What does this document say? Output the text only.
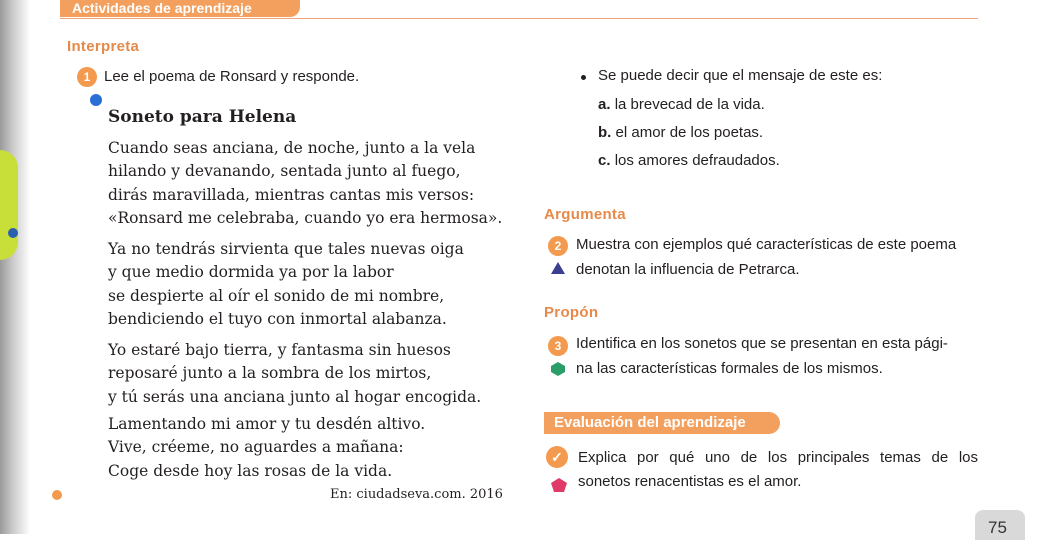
Actividades de aprendizaje
Interpreta
1 Lee el poema de Ronsard y responde.
Soneto para Helena
Cuando seas anciana, de noche, junto a la vela
hilando y devanando, sentada junto al fuego,
dirás maravillada, mientras cantas mis versos:
«Ronsard me celebraba, cuando yo era hermosa».
Ya no tendrás sirvienta que tales nuevas oiga
y que medio dormida ya por la labor
se despierte al oír el sonido de mi nombre,
bendiciendo el tuyo con inmortal alabanza.
Yo estaré bajo tierra, y fantasma sin huesos
reposaré junto a la sombra de los mirtos,
y tú serás una anciana junto al hogar encogida.
Lamentando mi amor y tu desdén altivo.
Vive, créeme, no aguardes a mañana:
Coge desde hoy las rosas de la vida.
En: ciudadseva.com. 2016
Se puede decir que el mensaje de este es:
a. la brevecad de la vida.
b. el amor de los poetas.
c. los amores defraudados.
Argumenta
2 Muestra con ejemplos qué características de este poema
denotan la influencia de Petrarca.
Propón
3 Identifica en los sonetos que se presentan en esta pági-
na las características formales de los mismos.
Evaluación del aprendizaje
✓	Explica por qué uno de los principales temas de los
sonetos renacentistas es el amor.
75
